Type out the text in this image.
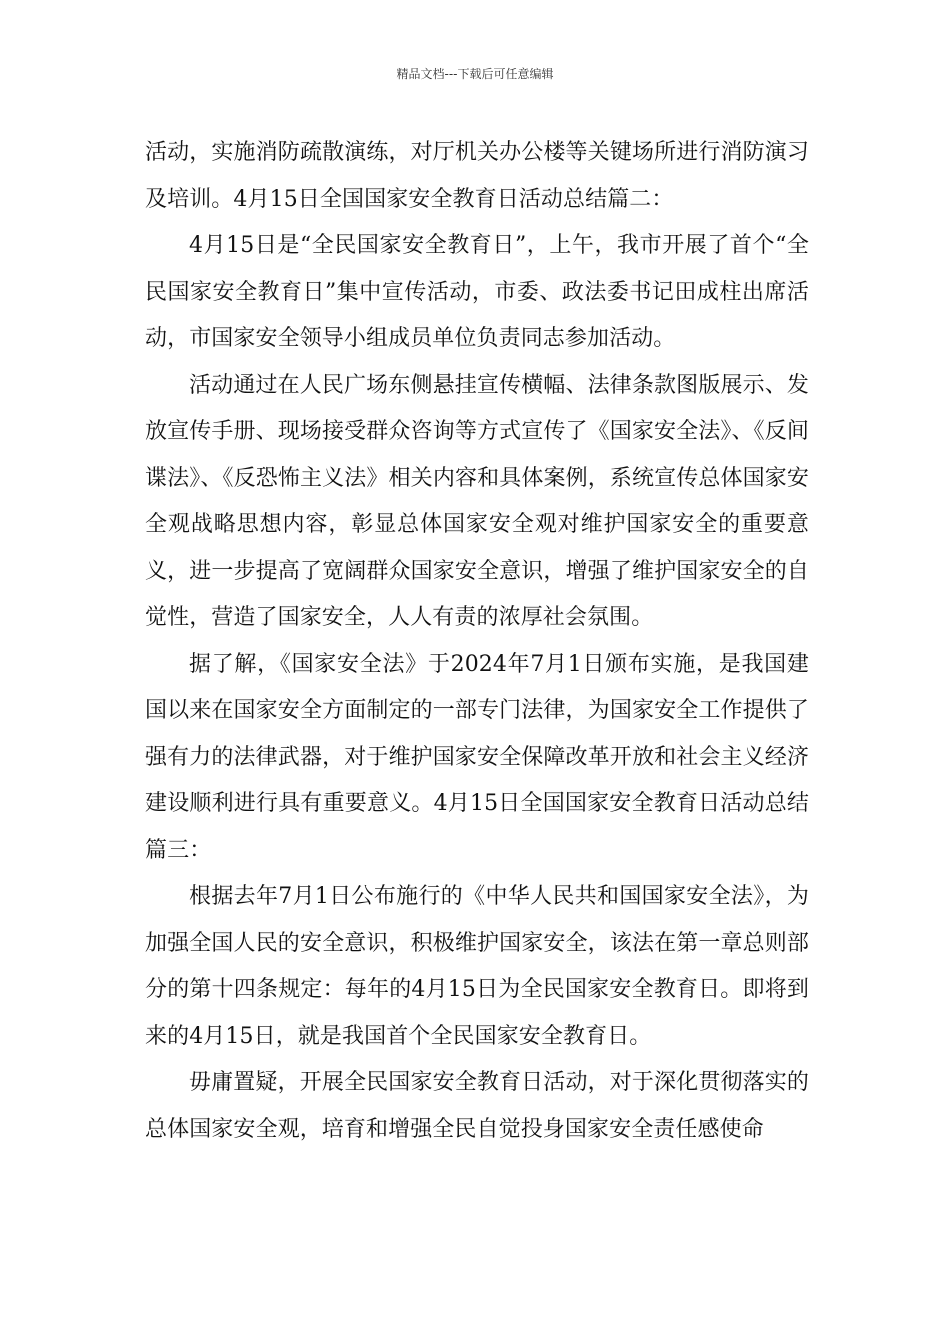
精品文档---下载后可任意编辑

活动，实施消防疏散演练，对厅机关办公楼等关键场所进行消防演习及培训。4月15日全国国家安全教育日活动总结篇二：

4月15日是“全民国家安全教育日”，上午，我市开展了首个“全民国家安全教育日”集中宣传活动，市委、政法委书记田成柱出席活动，市国家安全领导小组成员单位负责同志参加活动。

活动通过在人民广场东侧悬挂宣传横幅、法律条款图版展示、发放宣传手册、现场接受群众咨询等方式宣传了《国家安全法》、《反间谍法》、《反恐怖主义法》相关内容和具体案例，系统宣传总体国家安全观战略思想内容，彰显总体国家安全观对维护国家安全的重要意义，进一步提高了宽阔群众国家安全意识，增强了维护国家安全的自觉性，营造了国家安全，人人有责的浓厚社会氛围。

据了解，《国家安全法》于2024年7月1日颁布实施，是我国建国以来在国家安全方面制定的一部专门法律，为国家安全工作提供了强有力的法律武器，对于维护国家安全保障改革开放和社会主义经济建设顺利进行具有重要意义。4月15日全国国家安全教育日活动总结篇三：

根据去年7月1日公布施行的《中华人民共和国国家安全法》，为加强全国人民的安全意识，积极维护国家安全，该法在第一章总则部分的第十四条规定：每年的4月15日为全民国家安全教育日。即将到来的4月15日，就是我国首个全民国家安全教育日。

毋庸置疑，开展全民国家安全教育日活动，对于深化贯彻落实的总体国家安全观，培育和增强全民自觉投身国家安全责任感使命
